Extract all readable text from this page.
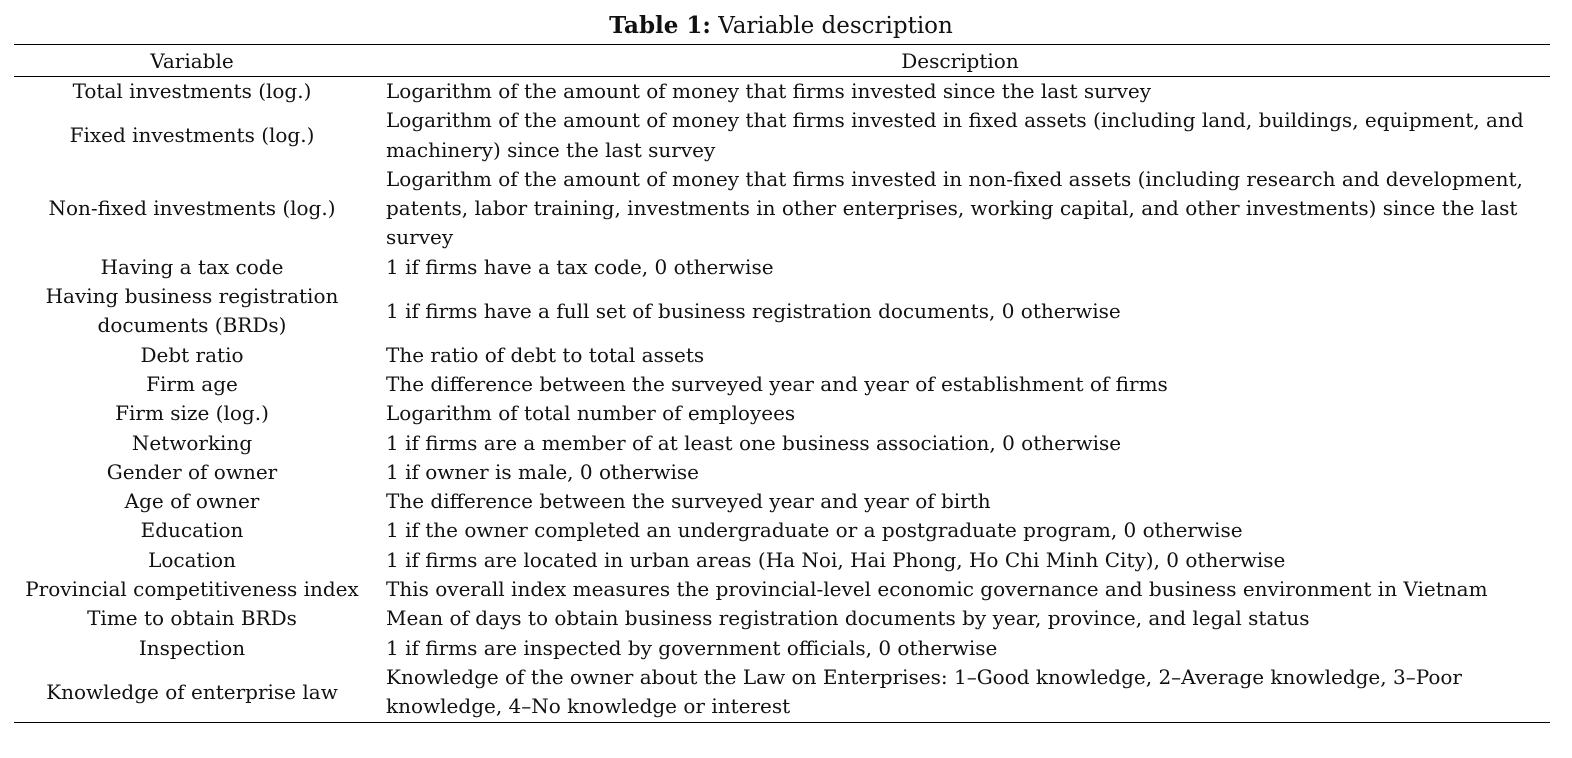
Table 1: Variable description
Variable	Description
Total investments (log.)	Logarithm of the amount of money that firms invested since the last survey
Fixed investments (log.)	Logarithm of the amount of money that firms invested in fixed assets (including land, buildings, equipment, and machinery) since the last survey
Non-fixed investments (log.)	Logarithm of the amount of money that firms invested in non-fixed assets (including research and development, patents, labor training, investments in other enterprises, working capital, and other investments) since the last survey
Having a tax code	1 if firms have a tax code, 0 otherwise
Having business registration documents (BRDs)	1 if firms have a full set of business registration documents, 0 otherwise
Debt ratio	The ratio of debt to total assets
Firm age	The difference between the surveyed year and year of establishment of firms
Firm size (log.)	Logarithm of total number of employees
Networking	1 if firms are a member of at least one business association, 0 otherwise
Gender of owner	1 if owner is male, 0 otherwise
Age of owner	The difference between the surveyed year and year of birth
Education	1 if the owner completed an undergraduate or a postgraduate program, 0 otherwise
Location	1 if firms are located in urban areas (Ha Noi, Hai Phong, Ho Chi Minh City), 0 otherwise
Provincial competitiveness index	This overall index measures the provincial-level economic governance and business environment in Vietnam
Time to obtain BRDs	Mean of days to obtain business registration documents by year, province, and legal status
Inspection	1 if firms are inspected by government officials, 0 otherwise
Knowledge of enterprise law	Knowledge of the owner about the Law on Enterprises: 1–Good knowledge, 2–Average knowledge, 3–Poor knowledge, 4–No knowledge or interest
